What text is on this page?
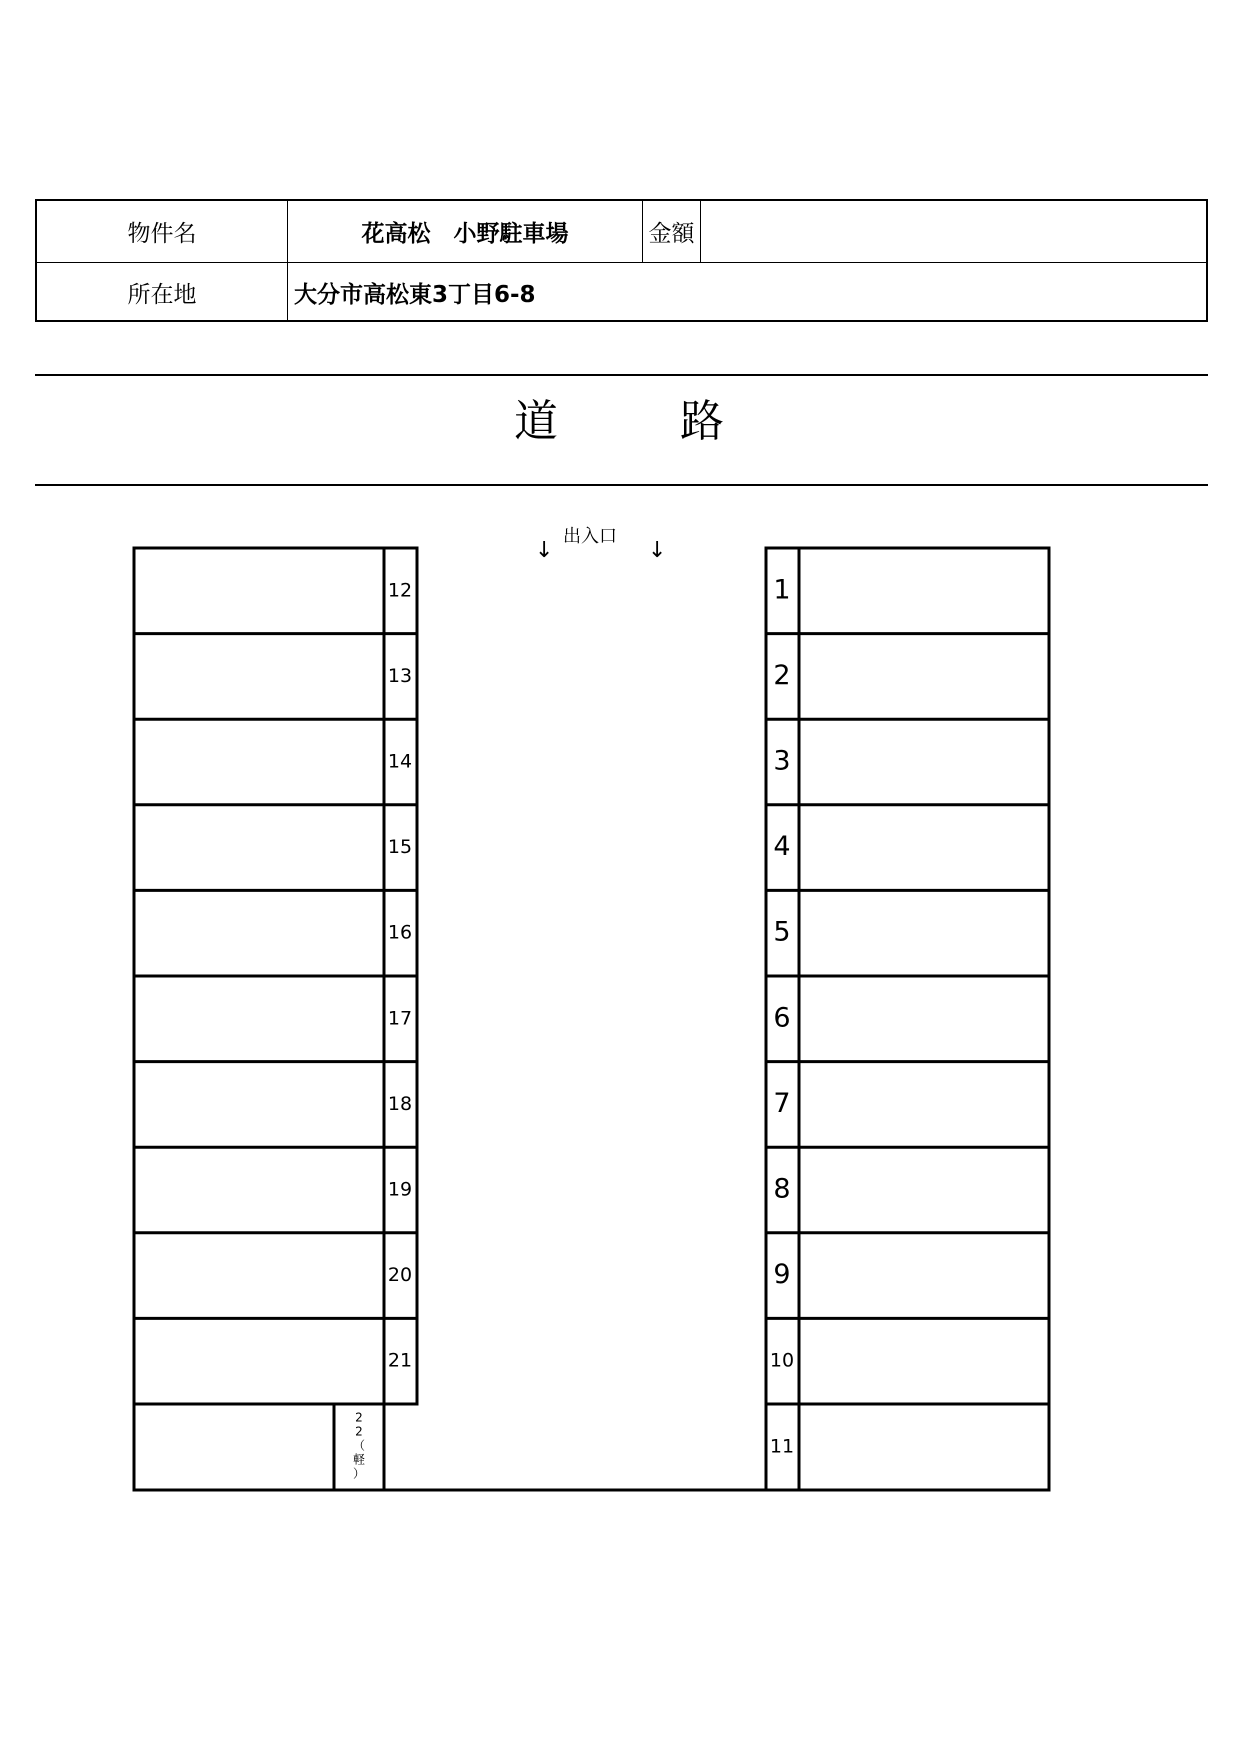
物件名	花高松　小野駐車場	金額
所在地	大分市高松東3丁目6-8
道	路
出入口
↓	↓
12
13
14
15
16
17
18
19
20
21
1
2
3
4
5
6
7
8
9
10
11
2
2
（
軽
）
